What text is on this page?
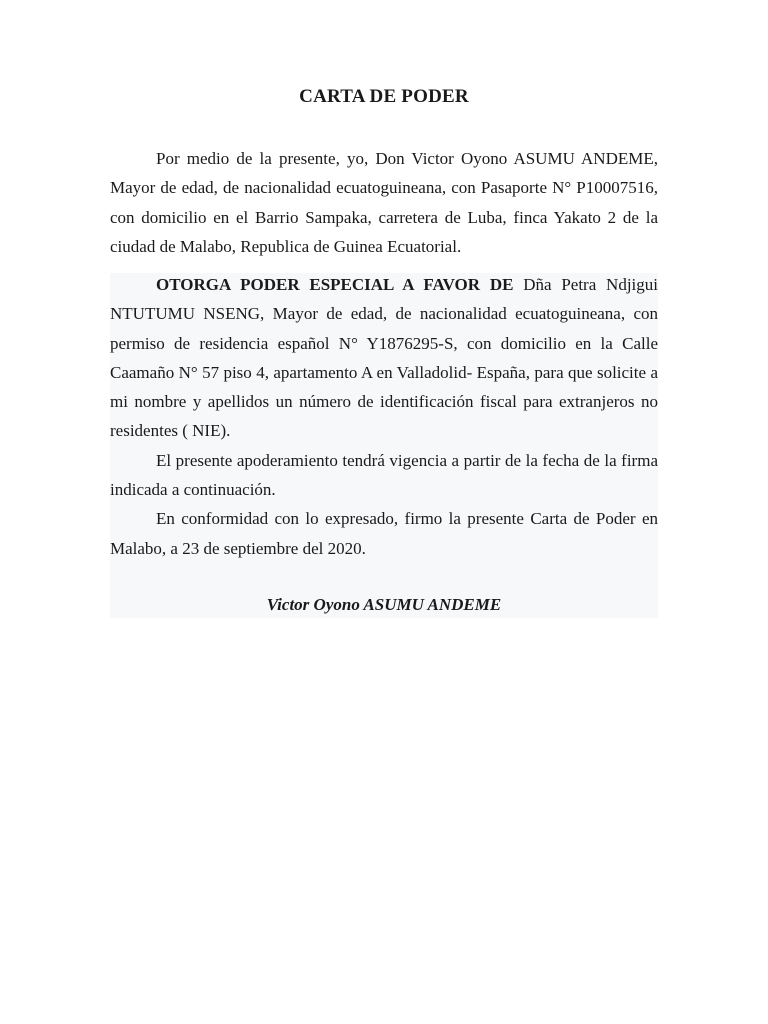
CARTA DE PODER

Por medio de la presente, yo, Don Victor Oyono ASUMU ANDEME, Mayor de edad, de nacionalidad ecuatoguineana, con Pasaporte N° P10007516, con domicilio en el Barrio Sampaka, carretera de Luba, finca Yakato 2 de la ciudad de Malabo, Republica de Guinea Ecuatorial.

OTORGA PODER ESPECIAL A FAVOR DE Dña Petra Ndjigui NTUTUMU NSENG, Mayor de edad, de nacionalidad ecuatoguineana, con permiso de residencia español N° Y1876295-S, con domicilio en la Calle Caamaño N° 57 piso 4, apartamento A en Valladolid- España, para que solicite a mi nombre y apellidos un número de identificación fiscal para extranjeros no residentes ( NIE).

El presente apoderamiento tendrá vigencia a partir de la fecha de la firma indicada a continuación.

En conformidad con lo expresado, firmo la presente Carta de Poder en Malabo, a 23 de septiembre del 2020.

Victor Oyono ASUMU ANDEME
